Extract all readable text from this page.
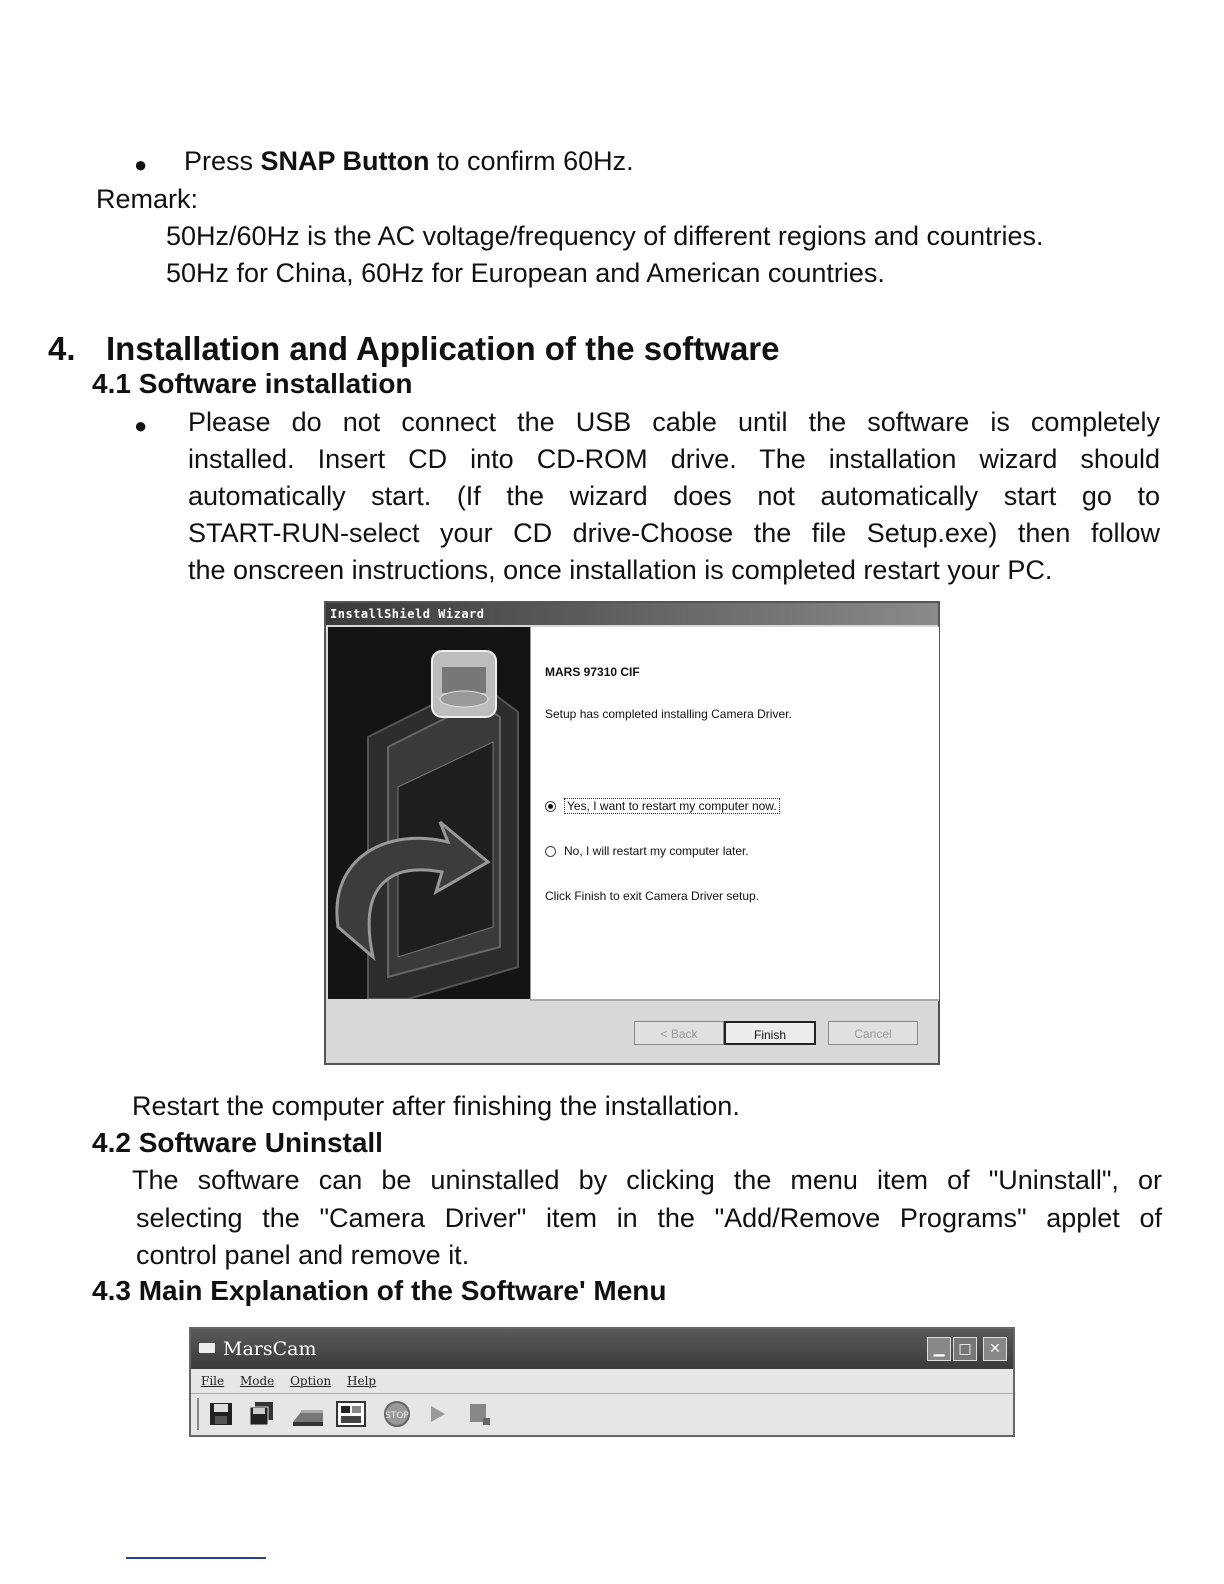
● Press SNAP Button to confirm 60Hz.
Remark:
50Hz/60Hz is the AC voltage/frequency of different regions and countries.
50Hz for China, 60Hz for European and American countries.
4. Installation and Application of the software
4.1 Software installation
● Please do not connect the USB cable until the software is completely
installed. Insert CD into CD-ROM drive. The installation wizard should
automatically start. (If the wizard does not automatically start go to
START-RUN-select your CD drive-Choose the file Setup.exe) then follow
the onscreen instructions, once installation is completed restart your PC.
InstallShield Wizard
MARS 97310 CIF
Setup has completed installing Camera Driver.
Yes, I want to restart my computer now.
No, I will restart my computer later.
Click Finish to exit Camera Driver setup.
< Back	Finish	Cancel
Restart the computer after finishing the installation.
4.2 Software Uninstall
The software can be uninstalled by clicking the menu item of "Uninstall", or
selecting the "Camera Driver" item in the "Add/Remove Programs" applet of
control panel and remove it.
4.3 Main Explanation of the Software' Menu
MarsCam	▁ □	✕
File Mode Option Help
STOP
